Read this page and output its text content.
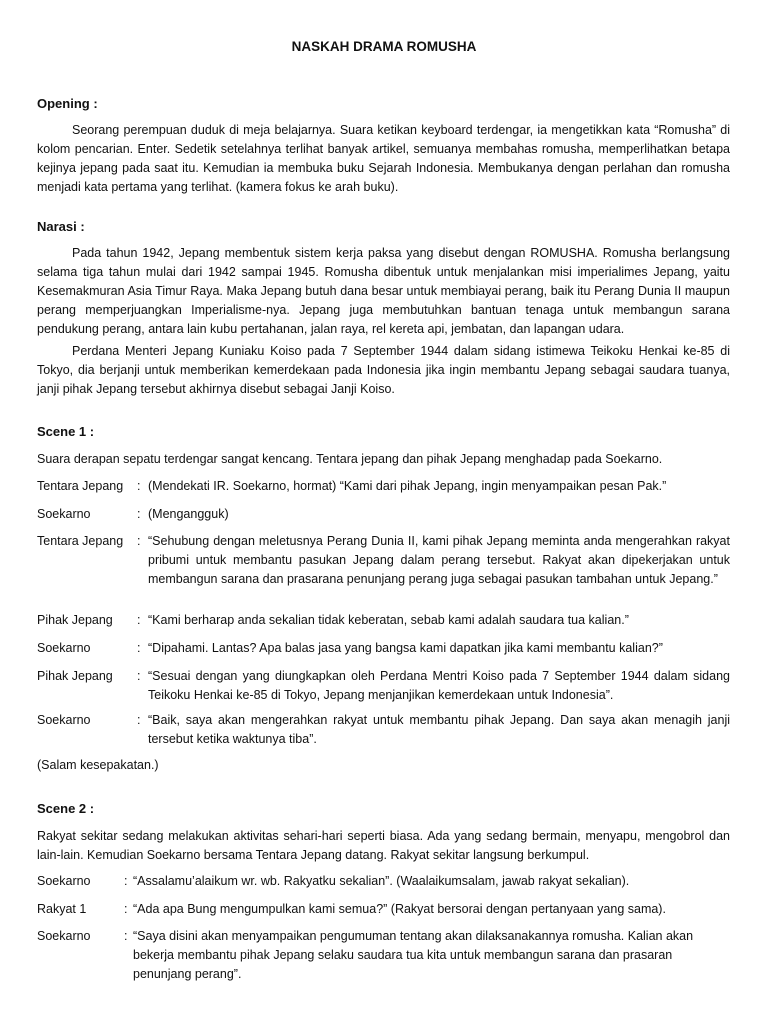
NASKAH DRAMA ROMUSHA
Opening :
Seorang perempuan duduk di meja belajarnya. Suara ketikan keyboard terdengar, ia mengetikkan kata “Romusha” di kolom pencarian. Enter. Sedetik setelahnya terlihat banyak artikel, semuanya membahas romusha, memperlihatkan betapa kejinya jepang pada saat itu. Kemudian ia membuka buku Sejarah Indonesia. Membukanya dengan perlahan dan romusha menjadi kata pertama yang terlihat. (kamera fokus ke arah buku).
Narasi :
Pada tahun 1942, Jepang membentuk sistem kerja paksa yang disebut dengan ROMUSHA. Romusha berlangsung selama tiga tahun mulai dari 1942 sampai 1945. Romusha dibentuk untuk menjalankan misi imperialimes Jepang, yaitu Kesemakmuran Asia Timur Raya. Maka Jepang butuh dana besar untuk membiayai perang, baik itu Perang Dunia II maupun perang memperjuangkan Imperialisme-nya. Jepang juga membutuhkan bantuan tenaga untuk membangun sarana pendukung perang, antara lain kubu pertahanan, jalan raya, rel kereta api, jembatan, dan lapangan udara.
Perdana Menteri Jepang Kuniaku Koiso pada 7 September 1944 dalam sidang istimewa Teikoku Henkai ke-85 di Tokyo, dia berjanji untuk memberikan kemerdekaan pada Indonesia jika ingin membantu Jepang sebagai saudara tuanya, janji pihak Jepang tersebut akhirnya disebut sebagai Janji Koiso.
Scene 1 :
Suara derapan sepatu terdengar sangat kencang. Tentara jepang dan pihak Jepang menghadap pada Soekarno.
Tentara Jepang : (Mendekati IR. Soekarno, hormat) “Kami dari pihak Jepang, ingin menyampaikan pesan Pak.”
Soekarno	: (Mengangguk)
Tentara Jepang : “Sehubung dengan meletusnya Perang Dunia II, kami pihak Jepang meminta anda mengerahkan rakyat pribumi untuk membantu pasukan Jepang dalam perang tersebut. Rakyat akan dipekerjakan untuk membangun sarana dan prasarana penunjang perang juga sebagai pasukan tambahan untuk Jepang.”
Pihak Jepang : “Kami berharap anda sekalian tidak keberatan, sebab kami adalah saudara tua kalian.”
Soekarno	: “Dipahami. Lantas? Apa balas jasa yang bangsa kami dapatkan jika kami membantu kalian?”
Pihak Jepang : “Sesuai dengan yang diungkapkan oleh Perdana Mentri Koiso pada 7 September 1944 dalam sidang Teikoku Henkai ke-85 di Tokyo, Jepang menjanjikan kemerdekaan untuk Indonesia”.
Soekarno	: “Baik, saya akan mengerahkan rakyat untuk membantu pihak Jepang. Dan saya akan menagih janji tersebut ketika waktunya tiba”.
(Salam kesepakatan.)
Scene 2 :
Rakyat sekitar sedang melakukan aktivitas sehari-hari seperti biasa. Ada yang sedang bermain, menyapu, mengobrol dan lain-lain. Kemudian Soekarno bersama Tentara Jepang datang. Rakyat sekitar langsung berkumpul.
Soekarno	: “Assalamu’alaikum wr. wb. Rakyatku sekalian”. (Waalaikumsalam, jawab rakyat sekalian).
Rakyat 1	: “Ada apa Bung mengumpulkan kami semua?” (Rakyat bersorai dengan pertanyaan yang sama).
Soekarno	: “Saya disini akan menyampaikan pengumuman tentang akan dilaksanakannya romusha. Kalian akan bekerja membantu pihak Jepang selaku saudara tua kita untuk membangun sarana dan prasaran penunjang perang”.
